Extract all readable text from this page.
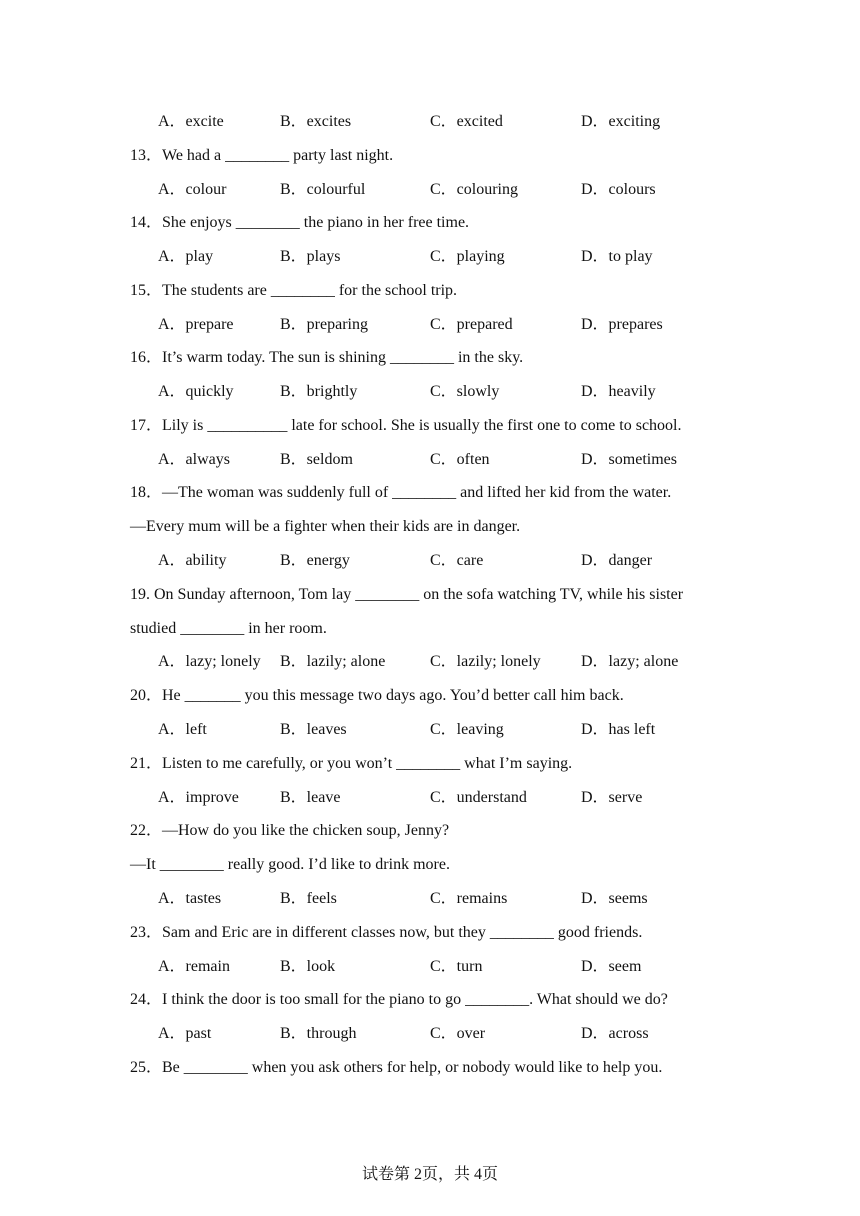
A．excite	B．excites	C．excited	D．exciting
13．We had a ________ party last night.
A．colour	B．colourful	C．colouring	D．colours
14．She enjoys ________ the piano in her free time.
A．play	B．plays	C．playing	D．to play
15．The students are ________ for the school trip.
A．prepare	B．preparing	C．prepared	D．prepares
16．It’s warm today. The sun is shining ________ in the sky.
A．quickly	B．brightly	C．slowly	D．heavily
17．Lily is __________ late for school. She is usually the first one to come to school.
A．always	B．seldom	C．often	D．sometimes
18．—The woman was suddenly full of ________ and lifted her kid from the water.
—Every mum will be a fighter when their kids are in danger.
A．ability	B．energy	C．care	D．danger
19. On Sunday afternoon, Tom lay ________ on the sofa watching TV, while his sister
studied ________ in her room.
A．lazy; lonely B．lazily; alone	C．lazily; lonely	D．lazy; alone
20．He _______ you this message two days ago. You’d better call him back.
A．left	B．leaves	C．leaving	D．has left
21．Listen to me carefully, or you won’t ________ what I’m saying.
A．improve	B．leave	C．understand	D．serve
22．—How do you like the chicken soup, Jenny?
—It ________ really good. I’d like to drink more.
A．tastes	B．feels	C．remains	D．seems
23．Sam and Eric are in different classes now, but they ________ good friends.
A．remain	B．look	C．turn	D．seem
24．I think the door is too small for the piano to go ________. What should we do?
A．past	B．through	C．over	D．across
25．Be ________ when you ask others for help, or nobody would like to help you.
试卷第 2页，共 4页
